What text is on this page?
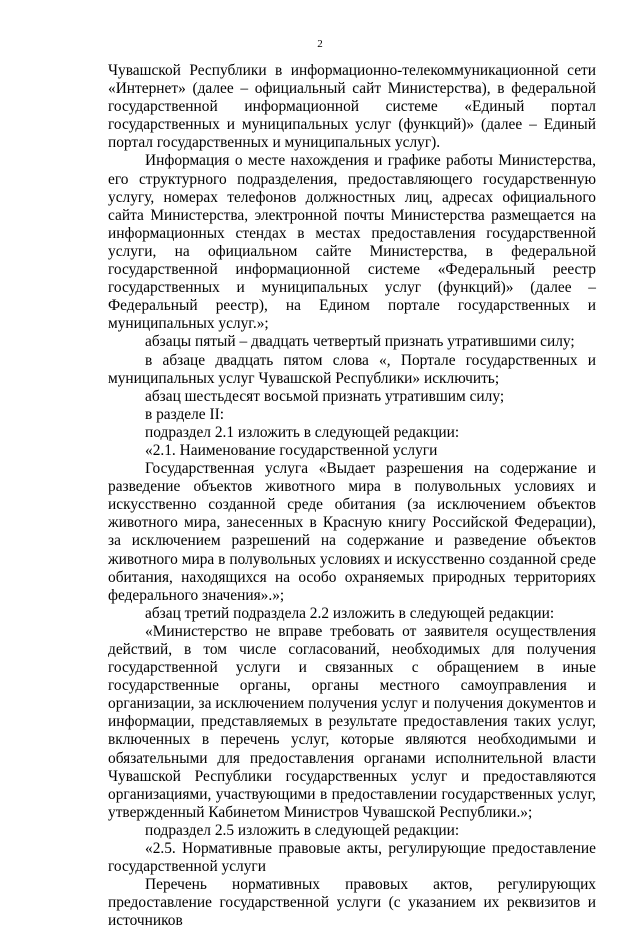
2

Чувашской Республики в информационно-телекоммуникационной сети «Интернет» (далее – официальный сайт Министерства), в федеральной государственной информационной системе «Единый портал государственных и муниципальных услуг (функций)» (далее – Единый портал государственных и муниципальных услуг).

Информация о месте нахождения и графике работы Министерства, его структурного подразделения, предоставляющего государственную услугу, номерах телефонов должностных лиц, адресах официального сайта Министерства, электронной почты Министерства размещается на информационных стендах в местах предоставления государственной услуги, на официальном сайте Министерства, в федеральной государственной информационной системе «Федеральный реестр государственных и муниципальных услуг (функций)» (далее – Федеральный реестр), на Едином портале государственных и муниципальных услуг.»;

абзацы пятый – двадцать четвертый признать утратившими силу;

в абзаце двадцать пятом слова «, Портале государственных и муниципальных услуг Чувашской Республики» исключить;

абзац шестьдесят восьмой признать утратившим силу;

в разделе II:

подраздел 2.1 изложить в следующей редакции:

«2.1. Наименование государственной услуги

Государственная услуга «Выдает разрешения на содержание и разведение объектов животного мира в полувольных условиях и искусственно созданной среде обитания (за исключением объектов животного мира, занесенных в Красную книгу Российской Федерации), за исключением разрешений на содержание и разведение объектов животного мира в полувольных условиях и искусственно созданной среде обитания, находящихся на особо охраняемых природных территориях федерального значения».»;

абзац третий подраздела 2.2 изложить в следующей редакции:

«Министерство не вправе требовать от заявителя осуществления действий, в том числе согласований, необходимых для получения государственной услуги и связанных с обращением в иные государственные органы, органы местного самоуправления и организации, за исключением получения услуг и получения документов и информации, представляемых в результате предоставления таких услуг, включенных в перечень услуг, которые являются необходимыми и обязательными для предоставления органами исполнительной власти Чувашской Республики государственных услуг и предоставляются организациями, участвующими в предоставлении государственных услуг, утвержденный Кабинетом Министров Чувашской Республики.»;

подраздел 2.5 изложить в следующей редакции:

«2.5. Нормативные правовые акты, регулирующие предоставление государственной услуги

Перечень нормативных правовых актов, регулирующих предоставление государственной услуги (с указанием их реквизитов и источников
